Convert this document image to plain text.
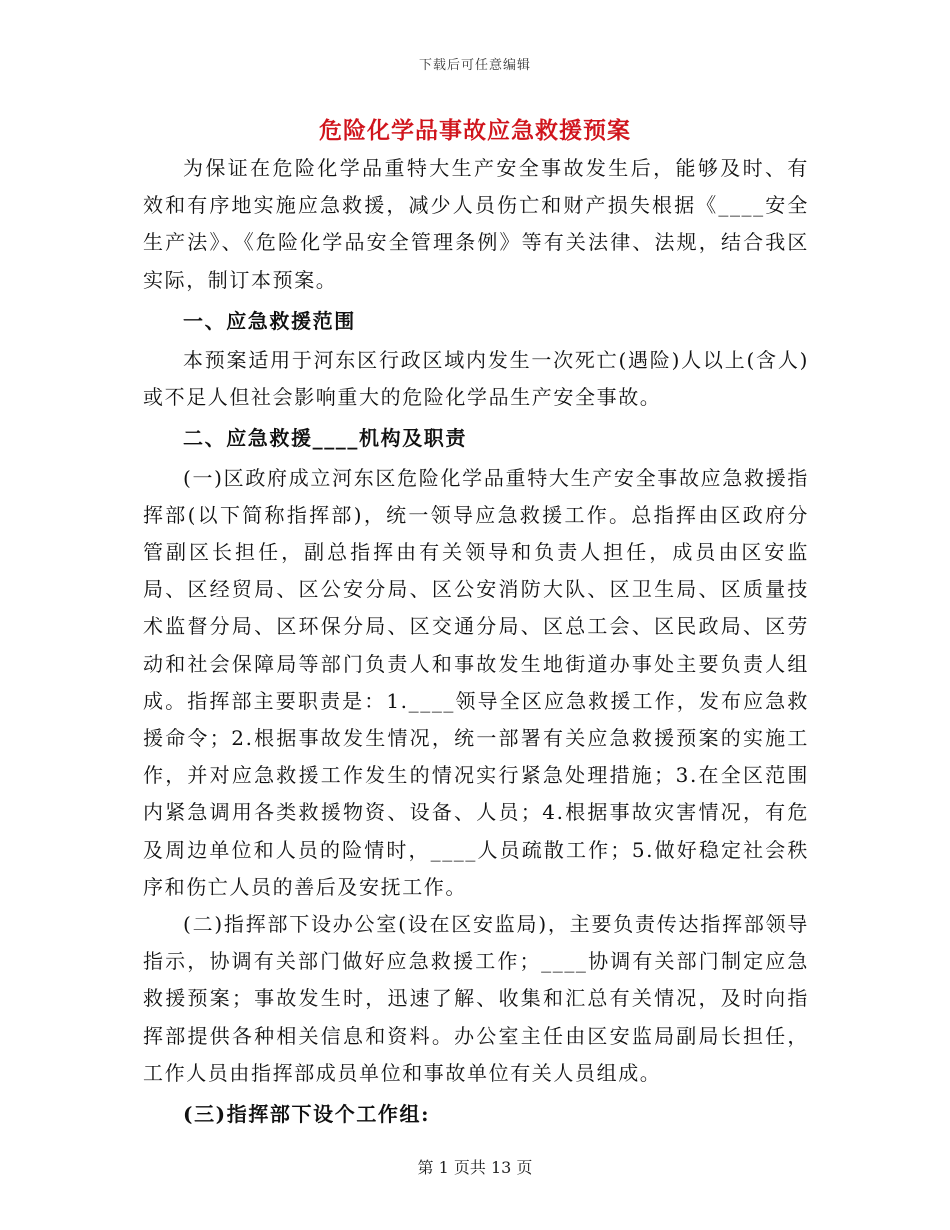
下载后可任意编辑
危险化学品事故应急救援预案

为保证在危险化学品重特大生产安全事故发生后，能够及时、有效和有序地实施应急救援，减少人员伤亡和财产损失根据《____安全生产法》、《危险化学品安全管理条例》等有关法律、法规，结合我区实际，制订本预案。

一、应急救援范围

本预案适用于河东区行政区域内发生一次死亡(遇险)人以上(含人)或不足人但社会影响重大的危险化学品生产安全事故。

二、应急救援____机构及职责

(一)区政府成立河东区危险化学品重特大生产安全事故应急救援指挥部(以下简称指挥部)，统一领导应急救援工作。总指挥由区政府分管副区长担任，副总指挥由有关领导和负责人担任，成员由区安监局、区经贸局、区公安分局、区公安消防大队、区卫生局、区质量技术监督分局、区环保分局、区交通分局、区总工会、区民政局、区劳动和社会保障局等部门负责人和事故发生地街道办事处主要负责人组成。指挥部主要职责是：1.____领导全区应急救援工作，发布应急救援命令；2.根据事故发生情况，统一部署有关应急救援预案的实施工作，并对应急救援工作发生的情况实行紧急处理措施；3.在全区范围内紧急调用各类救援物资、设备、人员；4.根据事故灾害情况，有危及周边单位和人员的险情时，____人员疏散工作；5.做好稳定社会秩序和伤亡人员的善后及安抚工作。

(二)指挥部下设办公室(设在区安监局)，主要负责传达指挥部领导指示，协调有关部门做好应急救援工作；____协调有关部门制定应急救援预案；事故发生时，迅速了解、收集和汇总有关情况，及时向指挥部提供各种相关信息和资料。办公室主任由区安监局副局长担任，工作人员由指挥部成员单位和事故单位有关人员组成。

(三)指挥部下设个工作组:

第 1 页共 13 页
